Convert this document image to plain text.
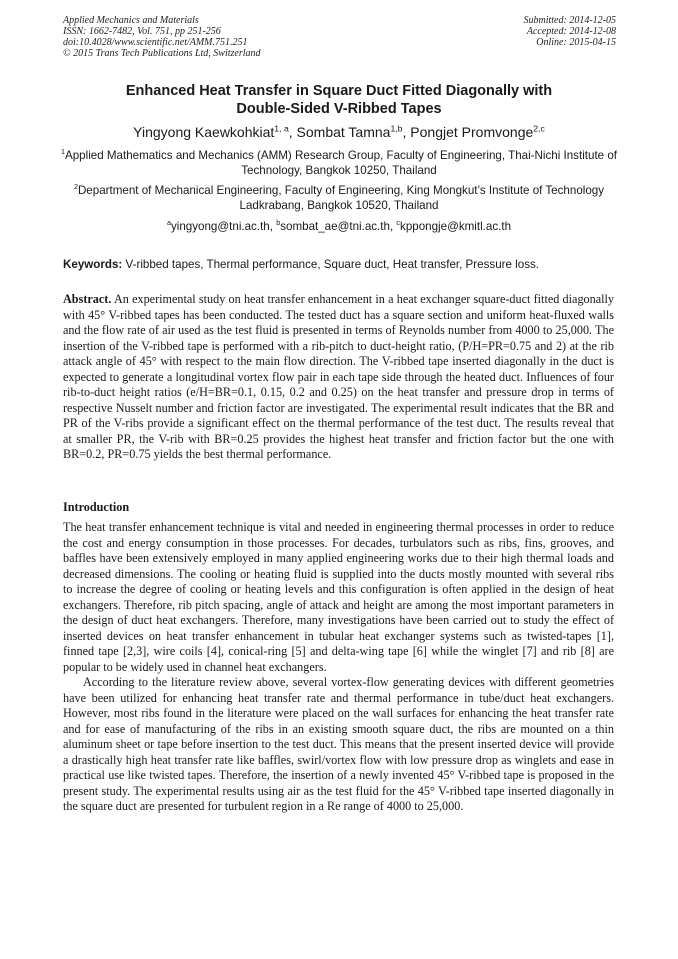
Applied Mechanics and Materials
ISSN: 1662-7482, Vol. 751, pp 251-256
doi:10.4028/www.scientific.net/AMM.751.251
© 2015 Trans Tech Publications Ltd, Switzerland
Submitted: 2014-12-05
Accepted: 2014-12-08
Online: 2015-04-15
Enhanced Heat Transfer in Square Duct Fitted Diagonally with
Double-Sided V-Ribbed Tapes
Yingyong Kaewkohkiat$^{1, a}$, Sombat Tamna$^{1,b}$, Pongjet Promvonge$^{2,c}$
$^1$Applied Mathematics and Mechanics (AMM) Research Group, Faculty of Engineering, Thai-Nichi Institute of Technology, Bangkok 10250, Thailand
$^2$Department of Mechanical Engineering, Faculty of Engineering, King Mongkut’s Institute of Technology Ladkrabang, Bangkok 10520, Thailand
$^a$yingyong@tni.ac.th, $^b$sombat_ae@tni.ac.th, $^c$kppongje@kmitl.ac.th
Keywords: V-ribbed tapes, Thermal performance, Square duct, Heat transfer, Pressure loss.
Abstract. An experimental study on heat transfer enhancement in a heat exchanger square-duct fitted diagonally with 45° V-ribbed tapes has been conducted. The tested duct has a square section and uniform heat-fluxed walls and the flow rate of air used as the test fluid is presented in terms of Reynolds number from 4000 to 25,000. The insertion of the V-ribbed tape is performed with a rib-pitch to duct-height ratio, (P/H=PR=0.75 and 2) at the rib attack angle of 45° with respect to the main flow direction. The V-ribbed tape inserted diagonally in the duct is expected to generate a longitudinal vortex flow pair in each tape side through the heated duct. Influences of four rib-to-duct height ratios (e/H=BR=0.1, 0.15, 0.2 and 0.25) on the heat transfer and pressure drop in terms of respective Nusselt number and friction factor are investigated. The experimental result indicates that the BR and PR of the V-ribs provide a significant effect on the thermal performance of the test duct. The results reveal that at smaller PR, the V-rib with BR=0.25 provides the highest heat transfer and friction factor but the one with BR=0.2, PR=0.75 yields the best thermal performance.
Introduction

The heat transfer enhancement technique is vital and needed in engineering thermal processes in order to reduce the cost and energy consumption in those processes. For decades, turbulators such as ribs, fins, grooves, and baffles have been extensively employed in many applied engineering works due to their high thermal loads and decreased dimensions. The cooling or heating fluid is supplied into the ducts mostly mounted with several ribs to increase the degree of cooling or heating levels and this configuration is often applied in the design of heat exchangers. Therefore, rib pitch spacing, angle of attack and height are among the most important parameters in the design of duct heat exchangers. Therefore, many investigations have been carried out to study the effect of inserted devices on heat transfer enhancement in tubular heat exchanger systems such as twisted-tapes [1], finned tape [2,3], wire coils [4], conical-ring [5] and delta-wing tape [6] while the winglet [7] and rib [8] are popular to be widely used in channel heat exchangers.

According to the literature review above, several vortex-flow generating devices with different geometries have been utilized for enhancing heat transfer rate and thermal performance in tube/duct heat exchangers. However, most ribs found in the literature were placed on the wall surfaces for enhancing the heat transfer rate and for ease of manufacturing of the ribs in an existing smooth square duct, the ribs are mounted on a thin aluminum sheet or tape before insertion to the test duct. This means that the present inserted device will provide a drastically high heat transfer rate like baffles, swirl/vortex flow with low pressure drop as winglets and ease in practical use like twisted tapes. Therefore, the insertion of a newly invented 45° V-ribbed tape is proposed in the present study. The experimental results using air as the test fluid for the 45° V-ribbed tape inserted diagonally in the square duct are presented for turbulent region in a Re range of 4000 to 25,000.
